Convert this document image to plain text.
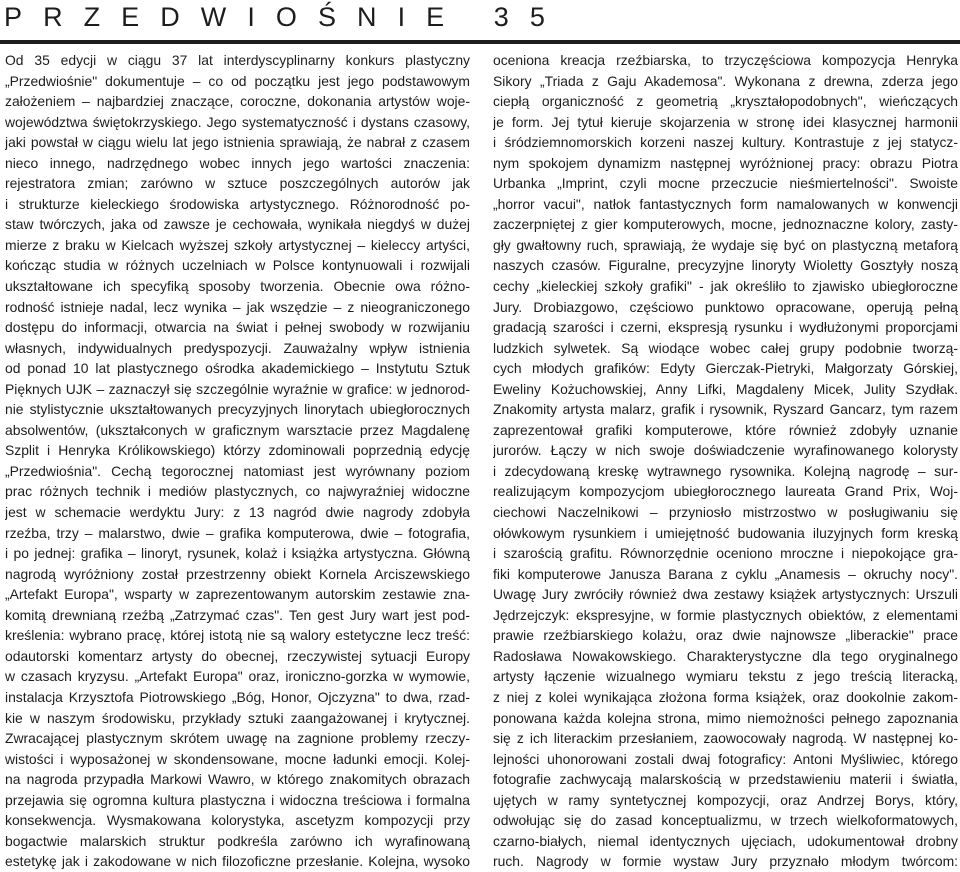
PRZEDWIOŚNIE 35
Od 35 edycji w ciągu 37 lat interdyscyplinarny konkurs plastyczny
„Przedwiośnie" dokumentuje – co od początku jest jego podstawowym
założeniem – najbardziej znaczące, coroczne, dokonania artystów woje-
województwa świętokrzyskiego. Jego systematyczność i dystans czasowy,
jaki powstał w ciągu wielu lat jego istnienia sprawiają, że nabrał z czasem
nieco innego, nadrzędnego wobec innych jego wartości znaczenia:
rejestratora zmian; zarówno w sztuce poszczególnych autorów jak
i strukturze kieleckiego środowiska artystycznego. Różnorodność po-
staw twórczych, jaka od zawsze je cechowała, wynikała niegdyś w dużej
mierze z braku w Kielcach wyższej szkoły artystycznej – kieleccy artyści,
kończąc studia w różnych uczelniach w Polsce kontynuowali i rozwijali
ukształtowane ich specyfiką sposoby tworzenia. Obecnie owa różno-
rodność istnieje nadal, lecz wynika – jak wszędzie – z nieograniczonego
dostępu do informacji, otwarcia na świat i pełnej swobody w rozwijaniu
własnych, indywidualnych predyspozycji. Zauważalny wpływ istnienia
od ponad 10 lat plastycznego ośrodka akademickiego – Instytutu Sztuk
Pięknych UJK – zaznaczył się szczególnie wyraźnie w grafice: w jednorod-
nie stylistycznie ukształtowanych precyzyjnych linorytach ubiegłorocznych
absolwentów, (ukształconych w graficznym warsztacie przez Magdalenę
Szplit i Henryka Królikowskiego) którzy zdominowali poprzednią edycję
„Przedwiośnia". Cechą tegorocznej natomiast jest wyrównany poziom
prac różnych technik i mediów plastycznych, co najwyraźniej widoczne
jest w schemacie werdyktu Jury: z 13 nagród dwie nagrody zdobyła
rzeźba, trzy – malarstwo, dwie – grafika komputerowa, dwie – fotografia,
i po jednej: grafika – linoryt, rysunek, kolaż i książka artystyczna. Główną
nagrodą wyróżniony został przestrzenny obiekt Kornela Arciszewskiego
„Artefakt Europa", wsparty w zaprezentowanym autorskim zestawie zna-
komitą drewnianą rzeźbą „Zatrzymać czas". Ten gest Jury wart jest pod-
kreślenia: wybrano pracę, której istotą nie są walory estetyczne lecz treść:
odautorski komentarz artysty do obecnej, rzeczywistej sytuacji Europy
w czasach kryzysu. „Artefakt Europa" oraz, ironiczno-gorzka w wymowie,
instalacja Krzysztofa Piotrowskiego „Bóg, Honor, Ojczyzna" to dwa, rzad-
kie w naszym środowisku, przykłady sztuki zaangażowanej i krytycznej.
Zwracającej plastycznym skrótem uwagę na zagnione problemy rzeczy-
wistości i wyposażonej w skondensowane, mocne ładunki emocji. Kolej-
na nagroda przypadła Markowi Wawro, w którego znakomitych obrazach
przejawia się ogromna kultura plastyczna i widoczna treściowa i formalna
konsekwencja. Wysmakowana kolorystyka, ascetyzm kompozycji przy
bogactwie malarskich struktur podkreśla zarówno ich wyrafinowaną
estetykę jak i zakodowane w nich filozoficzne przesłanie. Kolejna, wysoko
oceniona kreacja rzeźbiarska, to trzyczęściowa kompozycja Henryka
Sikory „Triada z Gaju Akademosa". Wykonana z drewna, zderza jego
ciepłą organiczność z geometrią „kryształopodobnych", wieńczących
je form. Jej tytuł kieruje skojarzenia w stronę idei klasycznej harmonii
i śródziemnomorskich korzeni naszej kultury. Kontrastuje z jej statycz-
nym spokojem dynamizm następnej wyróżnionej pracy: obrazu Piotra
Urbanka „Imprint, czyli mocne przeczucie nieśmiertelności". Swoiste
„horror vacui", natłok fantastycznych form namalowanych w konwencji
zaczerpniętej z gier komputerowych, mocne, jednoznaczne kolory, zasty-
gły gwałtowny ruch, sprawiają, że wydaje się być on plastyczną metaforą
naszych czasów. Figuralne, precyzyjne linoryty Wioletty Gosztyły noszą
cechy „kieleckiej szkoły grafiki" - jak określiło to zjawisko ubiegłoroczne
Jury. Drobiazgowo, częściowo punktowo opracowane, operują pełną
gradacją szarości i czerni, ekspresją rysunku i wydłużonymi proporcjami
ludzkich sylwetek. Są wiodące wobec całej grupy podobnie tworzą-
cych młodych grafików: Edyty Gierczak-Pietryki, Małgorzaty Górskiej,
Eweliny Kożuchowskiej, Anny Lifki, Magdaleny Micek, Julity Szydłak.
Znakomity artysta malarz, grafik i rysownik, Ryszard Gancarz, tym razem
zaprezentował grafiki komputerowe, które również zdobyły uznanie
jurorów. Łączy w nich swoje doświadczenie wyrafinowanego kolorysty
i zdecydowaną kreskę wytrawnego rysownika. Kolejną nagrodę – sur-
realizującym kompozycjom ubiegłorocznego laureata Grand Prix, Woj-
ciechowi Naczelnikowi – przyniosło mistrzostwo w posługiwaniu się
ołówkowym rysunkiem i umiejętność budowania iluzyjnych form kreską
i szarością grafitu. Równorzędnie oceniono mroczne i niepokojące gra-
fiki komputerowe Janusza Barana z cyklu „Anamesis – okruchy nocy".
Uwagę Jury zwróciły również dwa zestawy książek artystycznych: Urszuli
Jędrzejczyk: ekspresyjne, w formie plastycznych obiektów, z elementami
prawie rzeźbiarskiego kolażu, oraz dwie najnowsze „liberackie" prace
Radosława Nowakowskiego. Charakterystyczne dla tego oryginalnego
artysty łączenie wizualnego wymiaru tekstu z jego treścią literacką,
z niej z kolei wynikająca złożona forma książek, oraz dookolnie zakom-
ponowana każda kolejna strona, mimo niemożności pełnego zapoznania
się z ich literackim przesłaniem, zaowocowały nagrodą. W następnej ko-
lejności uhonorowani zostali dwaj fotograficy: Antoni Myśliwiec, którego
fotografie zachwycają malarskością w przedstawieniu materii i światła,
ujętych w ramy syntetycznej kompozycji, oraz Andrzej Borys, który,
odwołując się do zasad konceptualizmu, w trzech wielkoformatowych,
czarno-białych, niemal identycznych ujęciach, udokumentował drobny
ruch. Nagrody w formie wystaw Jury przyznało młodym twórcom:
